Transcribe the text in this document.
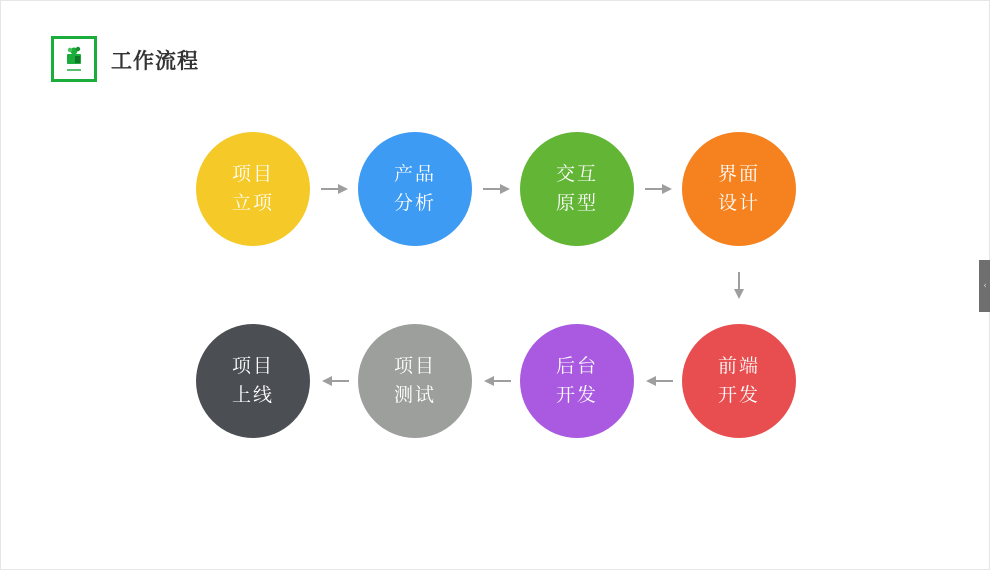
工作流程
项目
立项
产品
分析
交互
原型
界面
设计
前端
开发
后台
开发
项目
测试
项目
上线
‹
